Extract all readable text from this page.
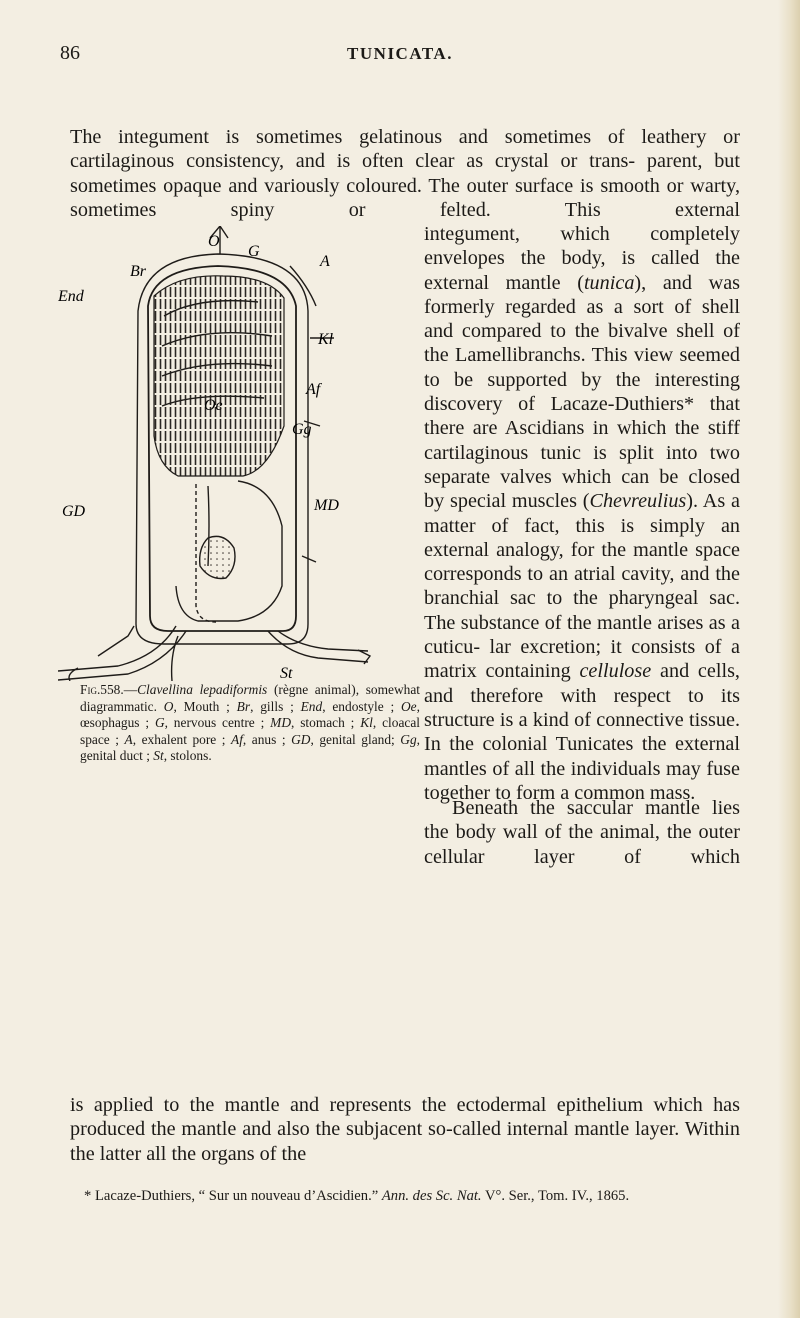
86	TUNICATA.
The integument is sometimes gelatinous and sometimes of leathery or cartilaginous consistency, and is often clear as crystal or trans- parent, but sometimes opaque and variously coloured. The outer surface is smooth or warty, sometimes spiny or felted. This external
integument, which completely envelopes the body, is called the external mantle (tunica), and was formerly regarded as a sort of shell and compared to the bivalve shell of the Lamellibranchs. This view seemed to be supported by the interesting discovery of Lacaze-Duthiers* that there are Ascidians in which the stiff cartilaginous tunic is split into two separate valves which can be closed by special muscles (Chevreulius). As a matter of fact, this is simply an external analogy, for the mantle space corresponds to an atrial cavity, and the branchial sac to the pharyngeal sac. The substance of the mantle arises as a cuticu- lar excretion; it consists of a matrix containing cellulose and cells, and therefore with respect to its structure is a kind of connective tissue. In the colonial Tunicates the external mantles of all the individuals may fuse together to form a common mass.
Beneath the saccular mantle lies the body wall of the animal, the outer cellular layer of which
is applied to the mantle and represents the ectodermal epithelium which has produced the mantle and also the subjacent so-called internal mantle layer. Within the latter all the organs of the
O
G
Br
A
End
Kl
Af
Oe
Gg
MD
GD
St
Fig.558.—Clavellina lepadiformis (règne animal), somewhat diagrammatic. O, Mouth ; Br, gills ; End, endostyle ; Oe, œsophagus ; G, nervous centre ; MD, stomach ; Kl, cloacal space ; A, exhalent pore ; Af, anus ; GD, genital gland; Gg, genital duct ; St, stolons.
* Lacaze-Duthiers, “ Sur un nouveau d’Ascidien.” Ann. des Sc. Nat. V°. Ser., Tom. IV., 1865.
